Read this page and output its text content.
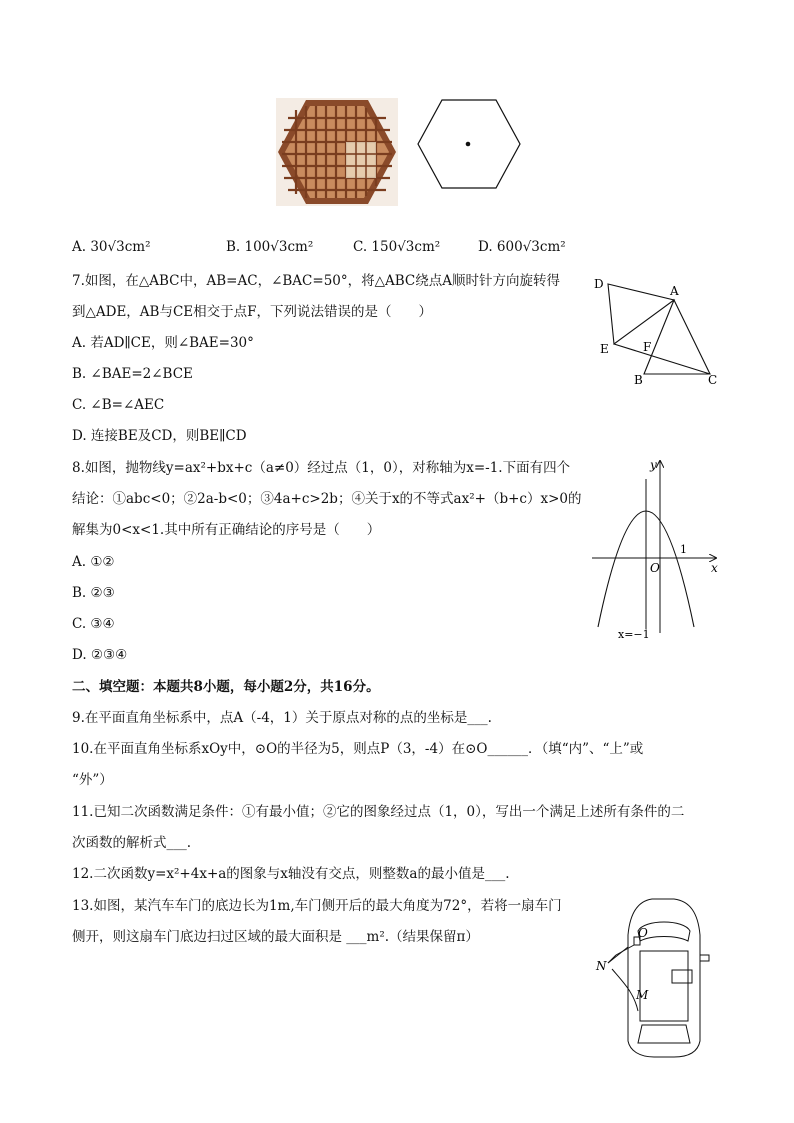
A. 30√3cm²	B. 100√3cm²	C. 150√3cm²	D. 600√3cm²
7.如图，在△ABC中，AB=AC，∠BAC=50°，将△ABC绕点A顺时针方向旋转得
到△ADE，AB与CE相交于点F，下列说法错误的是（　　）
A. 若AD∥CE，则∠BAE=30°
B. ∠BAE=2∠BCE
C. ∠B=∠AEC
D. 连接BE及CD，则BE∥CD
D	A
E	F
B	C
8.如图，抛物线y=ax²+bx+c（a≠0）经过点（1，0），对称轴为x=-1.下面有四个
结论：①abc<0；②2a-b<0；③4a+c>2b；④关于x的不等式ax²+（b+c）x>0的
解集为0<x<1.其中所有正确结论的序号是（　　）
A. ①②
B. ②③
C. ③④
D. ②③④
y
x
O
1
x=−1
二、填空题：本题共8小题，每小题2分，共16分。
9.在平面直角坐标系中，点A（-4，1）关于原点对称的点的坐标是___.
10.在平面直角坐标系xOy中，⊙O的半径为5，则点P（3，-4）在⊙O______．（填“内”、“上”或
“外”）
11.已知二次函数满足条件：①有最小值；②它的图象经过点（1，0），写出一个满足上述所有条件的二
次函数的解析式___.
12.二次函数y=x²+4x+a的图象与x轴没有交点，则整数a的最小值是___.
13.如图，某汽车车门的底边长为1m,车门侧开后的最大角度为72°，若将一扇车门
侧开，则这扇车门底边扫过区域的最大面积是 ___m².（结果保留π）	O
N
M
